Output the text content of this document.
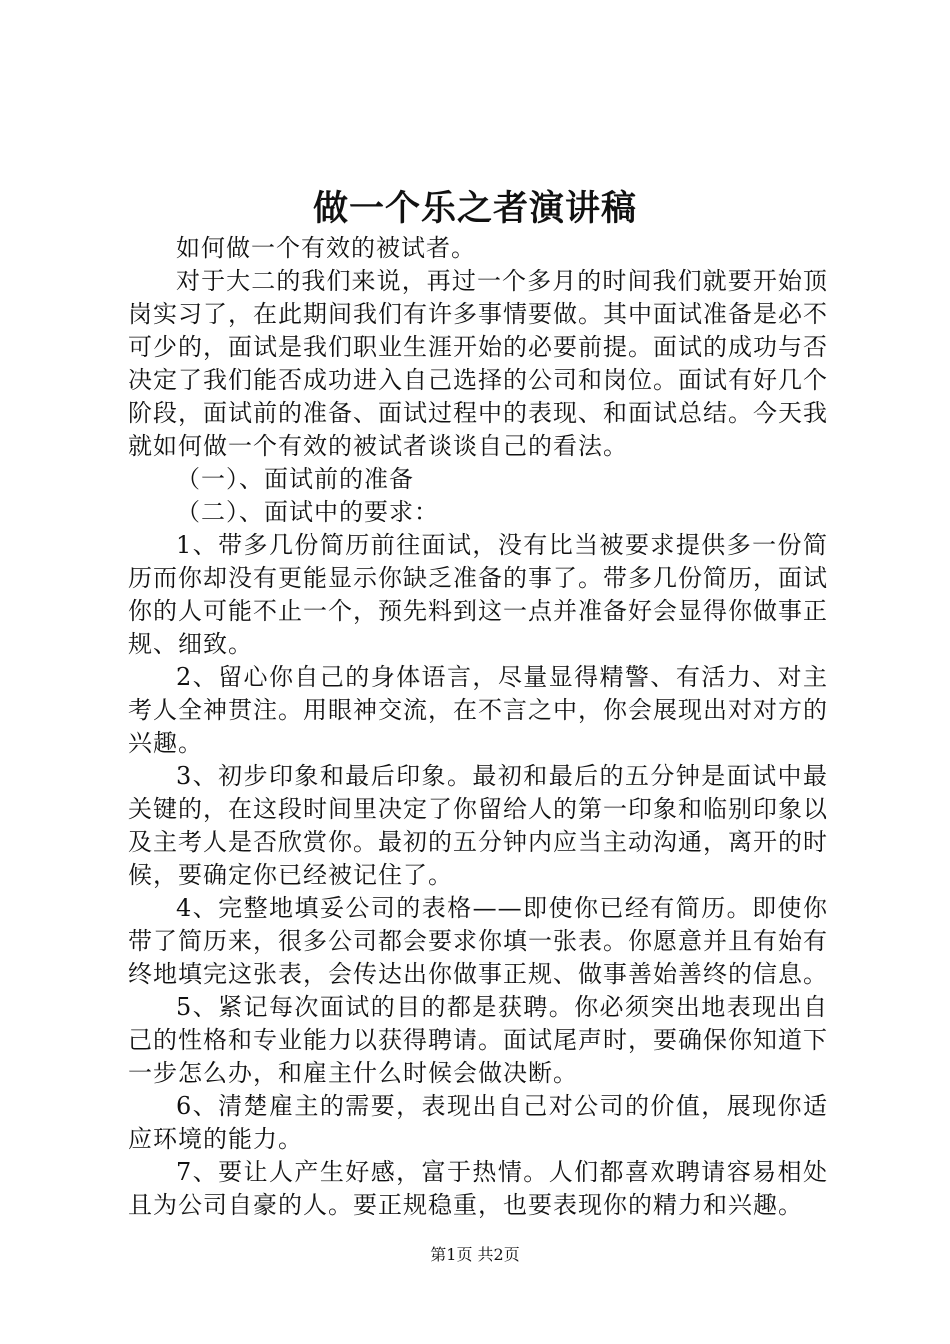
做一个乐之者演讲稿

如何做一个有效的被试者。

对于大二的我们来说，再过一个多月的时间我们就要开始顶岗实习了，在此期间我们有许多事情要做。其中面试准备是必不可少的，面试是我们职业生涯开始的必要前提。面试的成功与否决定了我们能否成功进入自己选择的公司和岗位。面试有好几个阶段，面试前的准备、面试过程中的表现、和面试总结。今天我就如何做一个有效的被试者谈谈自己的看法。

（一）、面试前的准备

（二）、面试中的要求：

1、带多几份简历前往面试，没有比当被要求提供多一份简历而你却没有更能显示你缺乏准备的事了。带多几份简历，面试你的人可能不止一个，预先料到这一点并准备好会显得你做事正规、细致。

2、留心你自己的身体语言，尽量显得精警、有活力、对主考人全神贯注。用眼神交流，在不言之中，你会展现出对对方的兴趣。

3、初步印象和最后印象。最初和最后的五分钟是面试中最关键的，在这段时间里决定了你留给人的第一印象和临别印象以及主考人是否欣赏你。最初的五分钟内应当主动沟通，离开的时候，要确定你已经被记住了。

4、完整地填妥公司的表格——即使你已经有简历。即使你带了简历来，很多公司都会要求你填一张表。你愿意并且有始有终地填完这张表，会传达出你做事正规、做事善始善终的信息。

5、紧记每次面试的目的都是获聘。你必须突出地表现出自己的性格和专业能力以获得聘请。面试尾声时，要确保你知道下一步怎么办，和雇主什么时候会做决断。

6、清楚雇主的需要，表现出自己对公司的价值，展现你适应环境的能力。

7、要让人产生好感，富于热情。人们都喜欢聘请容易相处且为公司自豪的人。要正规稳重，也要表现你的精力和兴趣。

第1页 共2页
